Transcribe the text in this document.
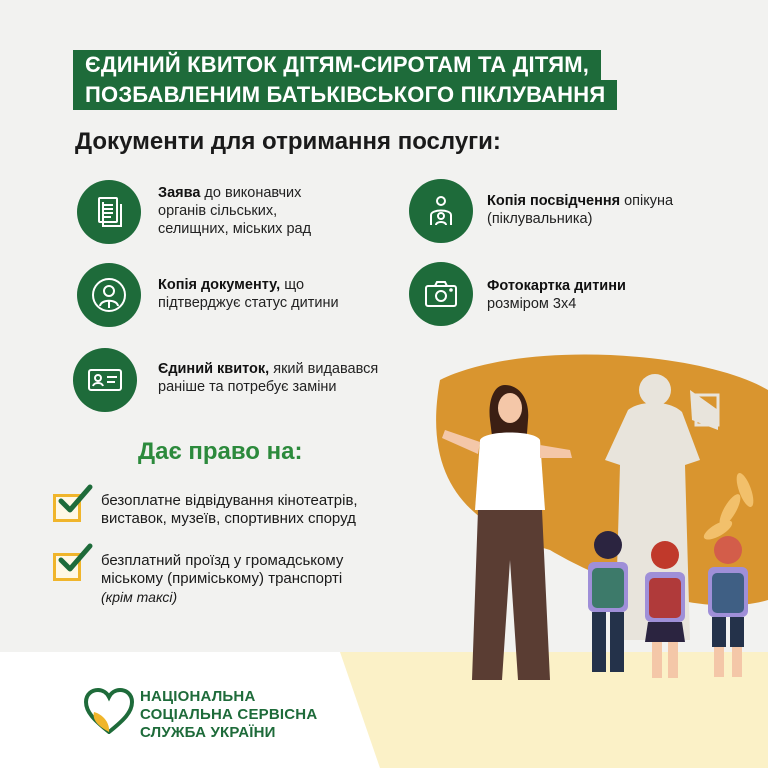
ЄДИНИЙ КВИТОК ДІТЯМ-СИРОТАМ ТА ДІТЯМ,
ПОЗБАВЛЕНИМ БАТЬКІВСЬКОГО ПІКЛУВАННЯ
Документи для отримання послуги:
Заява до виконавчих
органів сільських,
селищних, міських рад
Копія документу, що
підтверджує статус дитини
Єдиний квиток, який видавався
раніше та потребує заміни
Копія посвідчення опікуна
(піклувальника)
Фотокартка дитини
розміром 3х4
Дає право на:
безоплатне відвідування кінотеатрів,
виставок, музеїв, спортивних споруд
безплатний проїзд у громадському
міському (приміському) транспорті
(крім таксі)
НАЦІОНАЛЬНА
СОЦІАЛЬНА СЕРВІСНА
СЛУЖБА УКРАЇНИ
